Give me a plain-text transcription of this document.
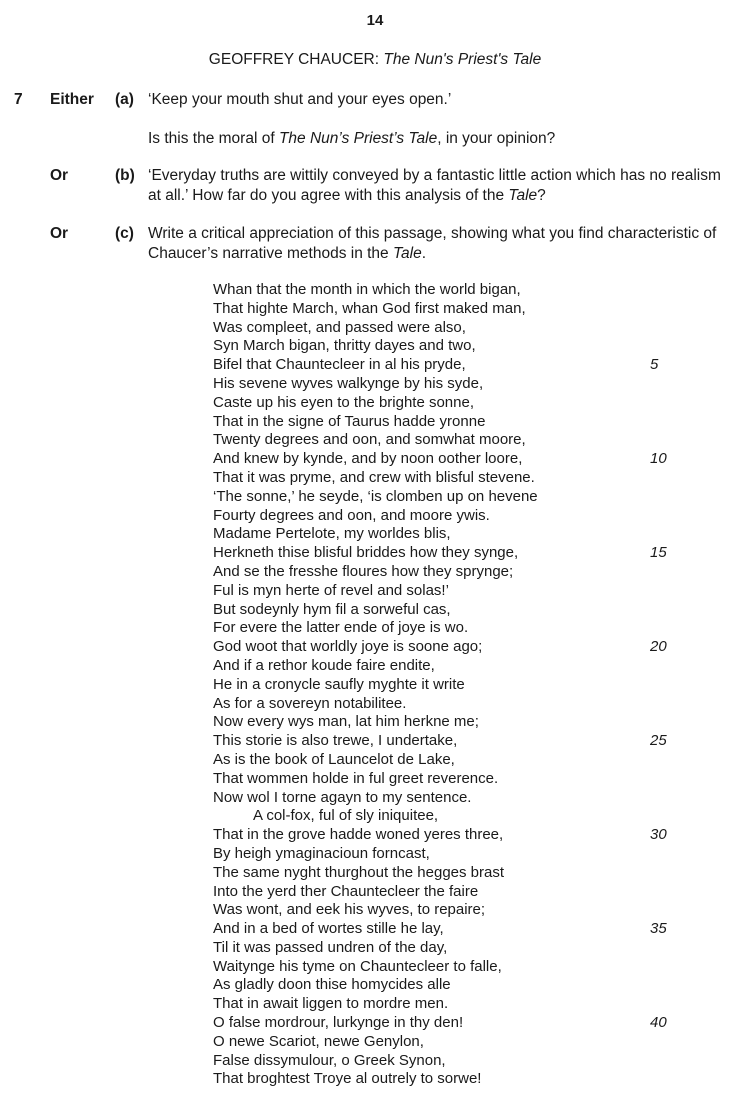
14
GEOFFREY CHAUCER: The Nun's Priest's Tale
7 Either (a) ‘Keep your mouth shut and your eyes open.’
Is this the moral of The Nun’s Priest’s Tale, in your opinion?
Or	(b) ‘Everyday truths are wittily conveyed by a fantastic little action which has no realism at all.’ How far do you agree with this analysis of the Tale?
Or	(c) Write a critical appreciation of this passage, showing what you find characteristic of Chaucer’s narrative methods in the Tale.
Whan that the month in which the world bigan,
That highte March, whan God first maked man,
Was compleet, and passed were also,
Syn March bigan, thritty dayes and two,
Bifel that Chauntecleer in al his pryde,	5
His sevene wyves walkynge by his syde,
Caste up his eyen to the brighte sonne,
That in the signe of Taurus hadde yronne
Twenty degrees and oon, and somwhat moore,
And knew by kynde, and by noon oother loore,	10
That it was pryme, and crew with blisful stevene.
‘The sonne,’ he seyde, ‘is clomben up on hevene
Fourty degrees and oon, and moore ywis.
Madame Pertelote, my worldes blis,
Herkneth thise blisful briddes how they synge,	15
And se the fresshe floures how they sprynge;
Ful is myn herte of revel and solas!’
But sodeynly hym fil a sorweful cas,
For evere the latter ende of joye is wo.
God woot that worldly joye is soone ago;	20
And if a rethor koude faire endite,
He in a cronycle saufly myghte it write
As for a sovereyn notabilitee.
Now every wys man, lat him herkne me;
This storie is also trewe, I undertake,	25
As is the book of Launcelot de Lake,
That wommen holde in ful greet reverence.
Now wol I torne agayn to my sentence.
A col-fox, ful of sly iniquitee,
That in the grove hadde woned yeres three,	30
By heigh ymaginacioun forncast,
The same nyght thurghout the hegges brast
Into the yerd ther Chauntecleer the faire
Was wont, and eek his wyves, to repaire;
And in a bed of wortes stille he lay,	35
Til it was passed undren of the day,
Waitynge his tyme on Chauntecleer to falle,
As gladly doon thise homycides alle
That in await liggen to mordre men.
O false mordrour, lurkynge in thy den!	40
O newe Scariot, newe Genylon,
False dissymulour, o Greek Synon,
That broghtest Troye al outrely to sorwe!
